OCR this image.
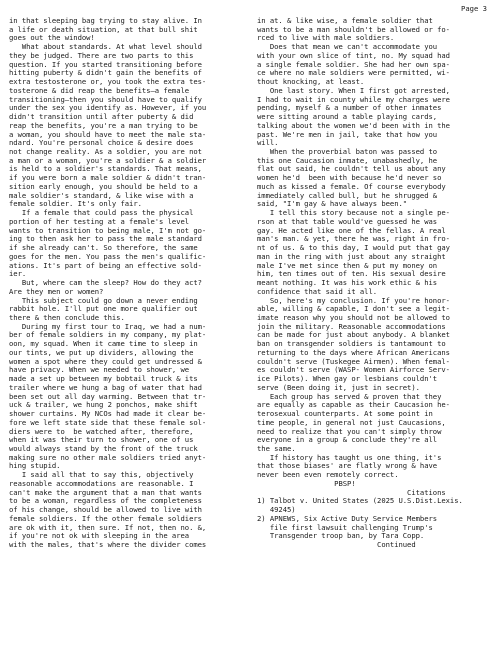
Page 3
in that sleeping bag trying to stay alive. In
a life or death situation, at that bull shit
goes out the window!
What about standards. At what level should
they be judged. There are two parts to this
question. If you started transitioning before
hitting puberty & didn't gain the benefits of
extra testosterone or, you took the extra tes-
tosterone & did reap the benefits—a female
transitioning—then you should have to qualify
under the sex you identify as. However, if you
didn't transition until after puberty & did
reap the benefits, you're a man trying to be
a woman, you should have to meet the male sta-
ndard. You're personal choice & desire does
not change reality. As a soldier, you are not
a man or a woman, you're a soldier & a soldier
is held to a soldier's standards. That means,
if you were born a male soldier & didn't tran-
sition early enough, you should be held to a
male soldier's standard, & like wise with a
female soldier. It's only fair.
If a female that could pass the physical
portion of her testing at a female's level
wants to transition to being male, I'm not go-
ing to then ask her to pass the male standard
if she already can't. So therefore, the same
goes for the men. You pass the men's qualific-
ations. It's part of being an effective sold-
ier.
But, where cam the sleep? How do they act?
Are they men or women?
This subject could go down a never ending
rabbit hole. I'll put one more qualifier out
there & then conclude this.
During my first tour to Iraq, we had a num-
ber of female soldiers in my company, my plat-
oon, my squad. When it came time to sleep in
our tints, we put up dividers, allowing the
women a spot where they could get undressed &
have privacy. When we needed to shower, we
made a set up between my bobtail truck & its
trailer where we hung a bag of water that had
been set out all day warming. Between that tr-
uck & trailer, we hung 2 ponchos, make shift
shower curtains. My NCOs had made it clear be-
fore we left state side that these female sol-
diers were to  be watched after, therefore,
when it was their turn to shower, one of us
would always stand by the front of the truck
making sure no other male soldiers tried anyt-
hing stupid.
I said all that to say this, objectively
reasonable accommodations are reasonable. I
can't make the argument that a man that wants
to be a woman, regardless of the completeness
of his change, should be allowed to live with
female soldiers. If the other female soldiers
are ok with it, then sure. If not, then no. &,
if you're not ok with sleeping in the area
with the males, that's where the divider comes
in at. & like wise, a female soldier that
wants to be a man shouldn't be allowed or fo-
rced to live with male soldiers.
Does that mean we can't accommodate you
with your own slice of tint, no. My squad had
a single female soldier. She had her own spa-
ce where no male soldiers were permitted, wi-
thout knocking, at least.
One last story. When I first got arrested,
I had to wait in county while my charges were
pending, myself & a number of other inmates
were sitting around a table playing cards,
talking about the women we'd been with in the
past. We're men in jail, take that how you
will.
When the proverbial baton was passed to
this one Caucasion inmate, unabashedly, he
flat out said, he couldn't tell us about any
women he'd  been with because he'd never so
much as kissed a female. Of course everybody
immediately called bull, but he shrugged &
said, "I'm gay & have always been."
I tell this story because not a single pe-
rson at that table would've guessed he was
gay. He acted like one of the fellas. A real
man's man. & yet, there he was, right in fro-
nt of us. & to this day, I would put that gay
man in the ring with just about any straight
male I've met since then & put my money on
him, ten times out of ten. His sexual desire
meant nothing. It was his work ethic & his
confidence that said it all.
So, here's my conclusion. If you're honor-
able, willing & capable, I don't see a legit-
imate reason why you should not be allowed to
join the military. Reasonable accommodations
can be made for just about anybody. A blanket
ban on transgender soldiers is tantamount to
returning to the days where African Americans
couldn't serve (Tuskegee Airmen). When femal-
es couldn't serve (WASP- Women Airforce Serv-
ice Pilots). When gay or lesbians couldn't
serve (Been doing it, just in secret).
Each group has served & proven that they
are equally as capable as their Caucasion he-
terosexual counterparts. At some point in
time people, in general not just Caucasions,
need to realize that you can't simply throw
everyone in a group & conclude they're all
the same.
If history has taught us one thing, it's
that those biases' are flatly wrong & have
never been even remotely correct.
PBSP!
Citations
1) Talbot v. United States (2025 U.S.Dist.Lexis.
49245)
2) APNEWS, Six Active Duty Service Members
file first lawsuit challenging Trump's
Transgender troop ban, by Tara Copp.
Continued
